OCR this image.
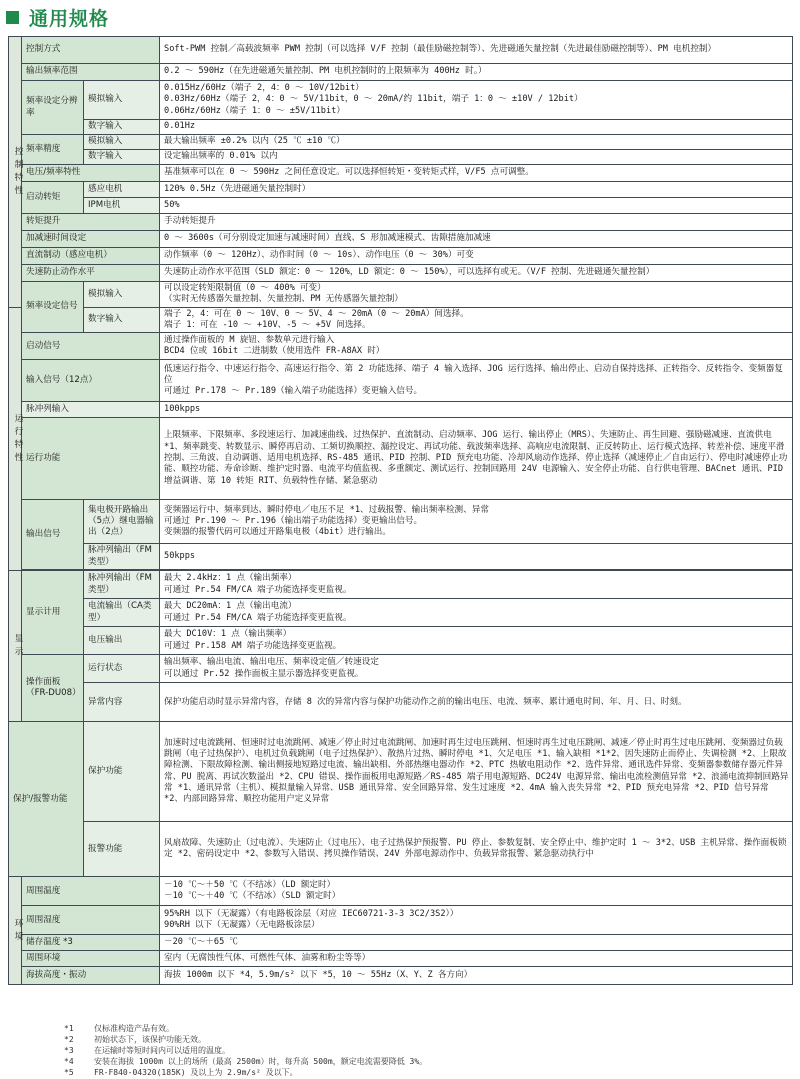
通用规格
控制特性	控制方式		Soft-PWM 控制／高载波频率 PWM 控制（可以选择 V/F 控制（最佳励磁控制等）、先进磁通矢量控制（先进最佳励磁控制等）、PM 电机控制）
	输出频率范围		0.2 ～ 590Hz（在先进磁通矢量控制、PM 电机控制时的上限频率为 400Hz 时。）
	频率设定分辨率	模拟输入	0.015Hz/60Hz（端子 2，4：0 ～ 10V/12bit）
0.03Hz/60Hz（端子 2，4：0 ～ 5V/11bit，0 ～ 20mA/约 11bit，端子 1：0 ～ ±10V / 12bit）
0.06Hz/60Hz（端子 1：0 ～ ±5V/11bit）

		数字输入	0.01Hz
	频率精度	模拟输入	最大输出频率 ±0.2% 以内（25 ℃ ±10 ℃）
		数字输入	设定输出频率的 0.01% 以内
	电压/频率特性		基准频率可以在 0 ～ 590Hz 之间任意设定。可以选择恒转矩・变转矩式样，V/F5 点可调整。
	启动转矩	感应电机	120% 0.5Hz（先进磁通矢量控制时）
		IPM电机	50%
	转矩提升		手动转矩提升
	加减速时间设定		0 ～ 3600s（可分别设定加速与减速时间）直线、S 形加减速模式、齿隙措施加减速
	直流制动（感应电机）		动作频率（0 ～ 120Hz）、动作时间（0 ～ 10s）、动作电压（0 ～ 30%）可变
	失速防止动作水平		失速防止动作水平范围（SLD 额定：0 ～ 120%，LD 额定：0 ～ 150%），可以选择有或无。（V/F 控制、先进磁通矢量控制）
	频率设定信号	模拟输入	可以设定转矩限制值（0 ～ 400% 可变）
（实时无传感器矢量控制、矢量控制、PM 无传感器矢量控制）

运行特性		数字输入	端子 2，4：可在 0 ～ 10V、0 ～ 5V、4 ～ 20mA（0 ～ 20mA）间选择。
端子 1：可在 -10 ～ +10V、-5 ～ +5V 间选择。

	启动信号		通过操作面板的 M 旋钮、参数单元进行输入
BCD4 位或 16bit 二进制数（使用选件 FR-A8AX 时）

	输入信号（12点）		低速运行指令、中速运行指令、高速运行指令、第 2 功能选择、端子 4 输入选择、JOG 运行选择、输出停止、启动自保持选择、正转指令、反转指令、变频器复位
可通过 Pr.178 ～ Pr.189（输入端子功能选择）变更输入信号。

	脉冲列输入		100kpps
	运行功能		上限频率、下限频率、多段速运行、加减速曲线、过热保护、直流制动、启动频率、JOG 运行、输出停止（MRS）、失速防止、再生回避、强励磁减速、直流供电 *1、频率跳变、转数显示、瞬停再启动、工频切换顺控、漏控设定、再试功能、载波频率选择、高响应电流限制、正反转防止、运行模式选择、转差补偿、速度平滑控制、三角波、自动调谐、适用电机选择、RS-485 通讯、PID 控制、PID 预充电功能、冷却风扇动作选择、停止选择（减速停止／自由运行）、停电时减速停止功能、顺控功能、寿命诊断、维护定时器、电流平均值监视、多重额定、测试运行、控制回路用 24V 电源输入、安全停止功能、自行供电管理、BACnet 通讯、PID 增益调谐、第 10 转矩 RIT、负载特性存储、紧急驱动
	输出信号	集电极开路输出（5点）继电器输出（2点）	变频器运行中、频率到达、瞬时停电／电压不足 *1、过载报警、输出频率检测、异常
可通过 Pr.190 ～ Pr.196（输出端子功能选择）变更输出信号。
变频器的报警代码可以通过开路集电极（4bit）进行输出。

		脉冲列输出（FM 类型）	50kpps

显示	显示计用	脉冲列输出（FM类型）	最大 2.4kHz：1 点（输出频率）
可通过 Pr.54 FM/CA 端子功能选择变更监视。

		电流输出（CA类型）	最大 DC20mA：1 点（输出电流）
可通过 Pr.54 FM/CA 端子功能选择变更监视。

		电压输出	最大 DC10V：1 点（输出频率）
可通过 Pr.158 AM 端子功能选择变更监视。

	操作面板（FR-DU08）	运行状态	输出频率、输出电流、输出电压、频率设定值／转速设定
可以通过 Pr.52 操作面板主显示器选择变更监视。

		异常内容	保护功能启动时显示异常内容，存储 8 次的异常内容与保护功能动作之前的输出电压、电流、频率、累计通电时间、年、月、日、时刻。
保护/报警功能		保护功能	加速时过电流跳闸、恒速时过电流跳闸、减速／停止时过电流跳闸、加速时再生过电压跳闸、恒速时再生过电压跳闸、减速／停止时再生过电压跳闸、变频器过负载跳闸（电子过热保护）、电机过负载跳闸（电子过热保护）、散热片过热、瞬时停电 *1、欠足电压 *1、输入缺相 *1*2、因失速防止而停止、失调检测 *2、上限故障检测、下限故障检测、输出侧接地短路过电流、输出缺相、外部热继电器动作 *2、PTC 热敏电阻动作 *2、选件异常、通讯选件异常、变频器参数储存器元件异常、PU 脱离、再试次数溢出 *2、CPU 错误、操作面板用电源短路／RS-485 端子用电源短路、DC24V 电源异常、输出电流检测值异常 *2、浪涌电流抑制回路异常 *1、通讯异常（主机）、模拟量输入异常、USB 通讯异常、安全回路异常、发生过速度 *2、4mA 输入丧失异常 *2、PID 预充电异常 *2、PID 信号异常 *2、内部回路异常、顺控功能用户定义异常
		报警功能	风扇故障、失速防止（过电流）、失速防止（过电压）、电子过热保护预报警、PU 停止、参数复制、安全停止中、维护定时 1 ～ 3*2、USB 主机异常、操作面板锁定 *2、密码设定中 *2、参数写入错误、拷贝操作错误、24V 外部电源动作中、负载异常报警、紧急驱动执行中
环境	周围温度		－10 ℃～＋50 ℃（不结冰）（LD 额定时）
－10 ℃～＋40 ℃（不结冰）（SLD 额定时）

	周围湿度		95%RH 以下（无凝露）（有电路板涂层（对应 IEC60721-3-3 3C2/3S2））
90%RH 以下（无凝露）（无电路板涂层）

	储存温度 *3		－20 ℃～＋65 ℃
	周围环境		室内（无腐蚀性气体、可燃性气体、油雾和粉尘等等）
	海拔高度・振动		海拔 1000m 以下 *4，5.9m/s² 以下 *5，10 ～ 55Hz（X、Y、Z 各方向）
*1	仅标准构造产品有效。
*2	初始状态下，该保护功能无效。
*3	在运输时等短时间内可以适用的温度。
*4	安装在海拔 1000m 以上的场所（最高 2500m）时，每升高 500m，额定电流需要降低 3%。
*5	FR-F840-04320(185K) 及以上为 2.9m/s² 及以下。
